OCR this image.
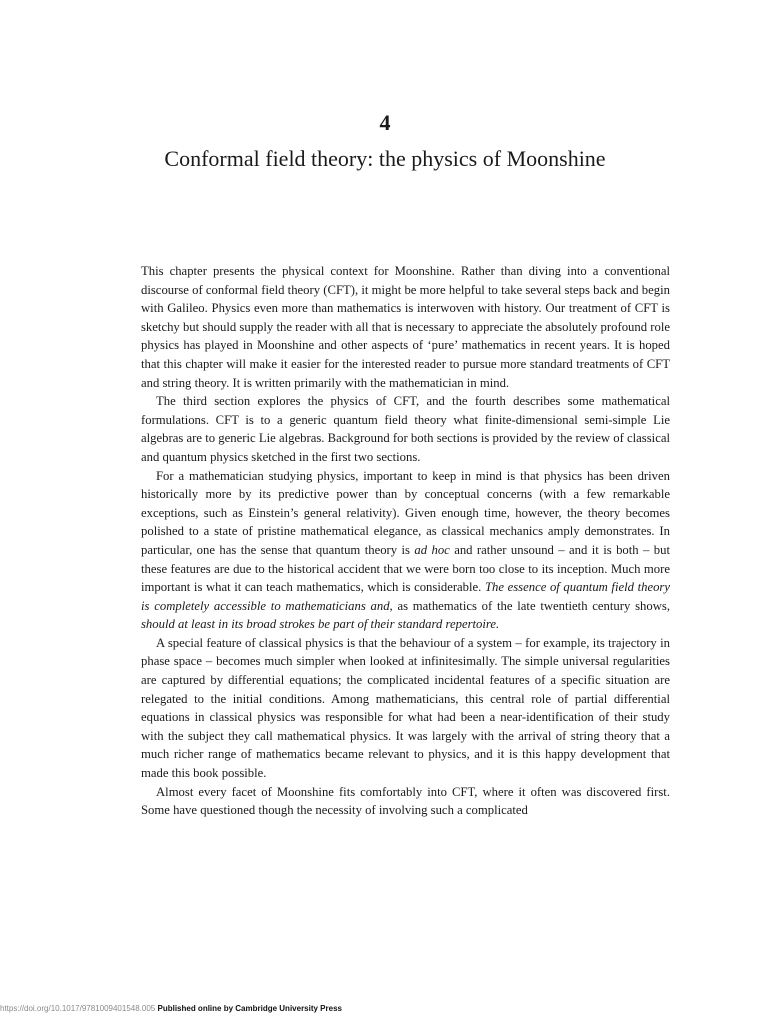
4
Conformal field theory: the physics of Moonshine

This chapter presents the physical context for Moonshine. Rather than diving into a conventional discourse of conformal field theory (CFT), it might be more helpful to take several steps back and begin with Galileo. Physics even more than mathematics is interwoven with history. Our treatment of CFT is sketchy but should supply the reader with all that is necessary to appreciate the absolutely profound role physics has played in Moonshine and other aspects of ‘pure’ mathematics in recent years. It is hoped that this chapter will make it easier for the interested reader to pursue more standard treatments of CFT and string theory. It is written primarily with the mathematician in mind.

The third section explores the physics of CFT, and the fourth describes some mathematical formulations. CFT is to a generic quantum field theory what finite-dimensional semi-simple Lie algebras are to generic Lie algebras. Background for both sections is provided by the review of classical and quantum physics sketched in the first two sections.

For a mathematician studying physics, important to keep in mind is that physics has been driven historically more by its predictive power than by conceptual concerns (with a few remarkable exceptions, such as Einstein’s general relativity). Given enough time, however, the theory becomes polished to a state of pristine mathematical elegance, as classical mechanics amply demonstrates. In particular, one has the sense that quantum theory is ad hoc and rather unsound – and it is both – but these features are due to the historical accident that we were born too close to its inception. Much more important is what it can teach mathematics, which is considerable. The essence of quantum field theory is completely accessible to mathematicians and, as mathematics of the late twentieth century shows, should at least in its broad strokes be part of their standard repertoire.

A special feature of classical physics is that the behaviour of a system – for example, its trajectory in phase space – becomes much simpler when looked at infinitesimally. The simple universal regularities are captured by differential equations; the complicated incidental features of a specific situation are relegated to the initial conditions. Among mathematicians, this central role of partial differential equations in classical physics was responsible for what had been a near-identification of their study with the subject they call mathematical physics. It was largely with the arrival of string theory that a much richer range of mathematics became relevant to physics, and it is this happy development that made this book possible.

Almost every facet of Moonshine fits comfortably into CFT, where it often was discovered first. Some have questioned though the necessity of involving such a complicated

https://doi.org/10.1017/9781009401548.005 Published online by Cambridge University Press
